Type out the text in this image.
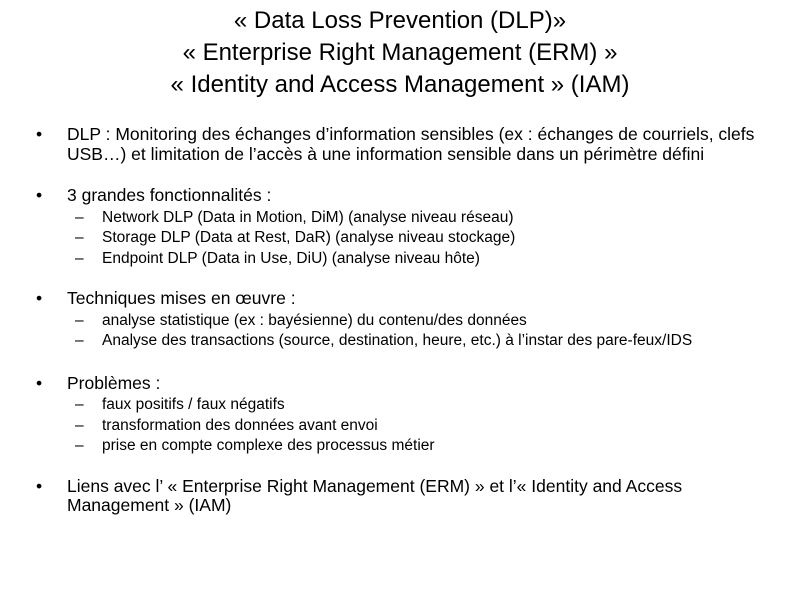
« Data Loss Prevention (DLP)»
« Enterprise Right Management (ERM) »
« Identity and Access Management » (IAM)
• DLP : Monitoring des échanges d’information sensibles (ex : échanges de courriels, clefs USB…) et limitation de l’accès à une information sensible dans un périmètre défini
• 3 grandes fonctionnalités :
– Network DLP (Data in Motion, DiM) (analyse niveau réseau)
– Storage DLP (Data at Rest, DaR) (analyse niveau stockage)
– Endpoint DLP (Data in Use, DiU) (analyse niveau hôte)
• Techniques mises en œuvre :
– analyse statistique (ex : bayésienne) du contenu/des données
– Analyse des transactions (source, destination, heure, etc.) à l’instar des pare-feux/IDS
• Problèmes :
– faux positifs / faux négatifs
– transformation des données avant envoi
– prise en compte complexe des processus métier
• Liens avec l’ « Enterprise Right Management (ERM) » et l’« Identity and Access Management » (IAM)
